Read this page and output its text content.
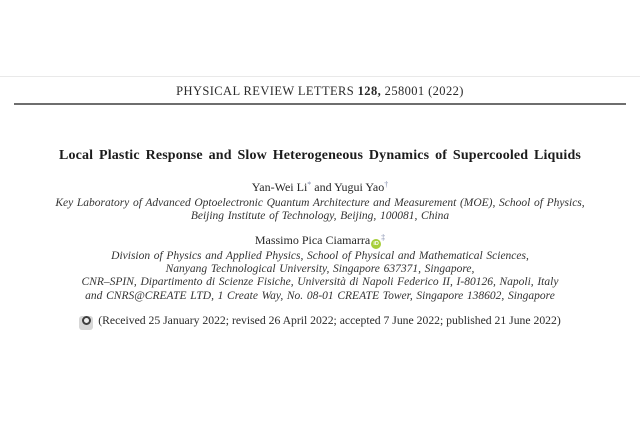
PHYSICAL REVIEW LETTERS 128, 258001 (2022)
Local Plastic Response and Slow Heterogeneous Dynamics of Supercooled Liquids
Yan-Wei Li* and Yugui Yao†
Key Laboratory of Advanced Optoelectronic Quantum Architecture and Measurement (MOE), School of Physics,
Beijing Institute of Technology, Beijing, 100081, China
Massimo Pica Ciamarra iD‡
Division of Physics and Applied Physics, School of Physical and Mathematical Sciences,
Nanyang Technological University, Singapore 637371, Singapore,
CNR–SPIN, Dipartimento di Scienze Fisiche, Università di Napoli Federico II, I-80126, Napoli, Italy
and CNRS@CREATE LTD, 1 Create Way, No. 08-01 CREATE Tower, Singapore 138602, Singapore
(Received 25 January 2022; revised 26 April 2022; accepted 7 June 2022; published 21 June 2022)
